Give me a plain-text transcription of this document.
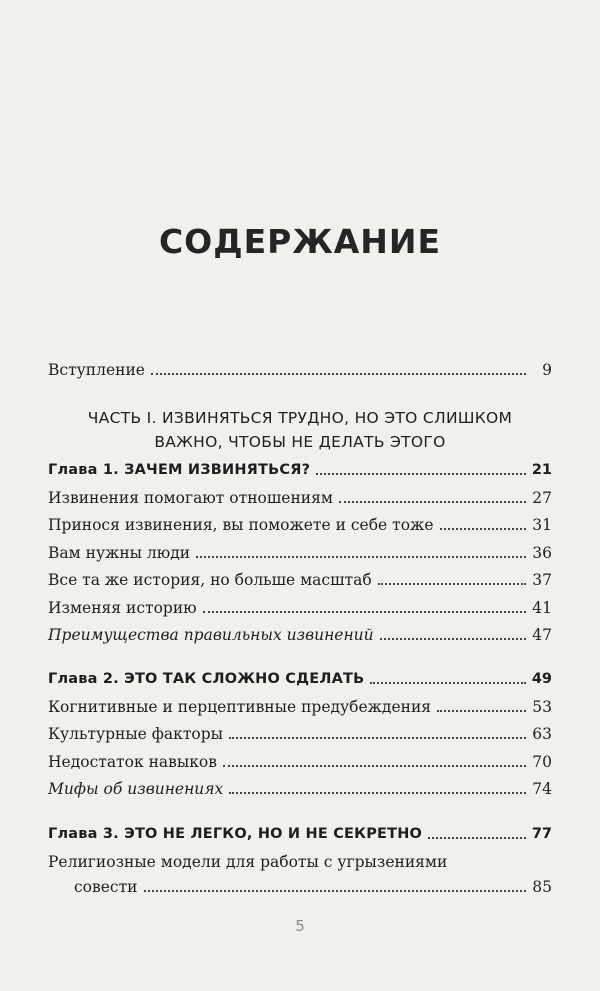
СОДЕРЖАНИЕ
Вступление	9
ЧАСТЬ I. ИЗВИНЯТЬСЯ ТРУДНО, НО ЭТО СЛИШКОМ
ВАЖНО, ЧТОБЫ НЕ ДЕЛАТЬ ЭТОГО
Глава 1. ЗАЧЕМ ИЗВИНЯТЬСЯ?	21
Извинения помогают отношениям	27
Принося извинения, вы поможете и себе тоже	31
Вам нужны люди	36
Все та же история, но больше масштаб	37
Изменяя историю	41
Преимущества правильных извинений	47
Глава 2. ЭТО ТАК СЛОЖНО СДЕЛАТЬ	49
Когнитивные и перцептивные предубеждения	53
Культурные факторы	63
Недостаток навыков	70
Мифы об извинениях	74
Глава 3. ЭТО НЕ ЛЕГКО, НО И НЕ СЕКРЕТНО	77
Религиозные модели для работы с угрызениями
совести	85
5
